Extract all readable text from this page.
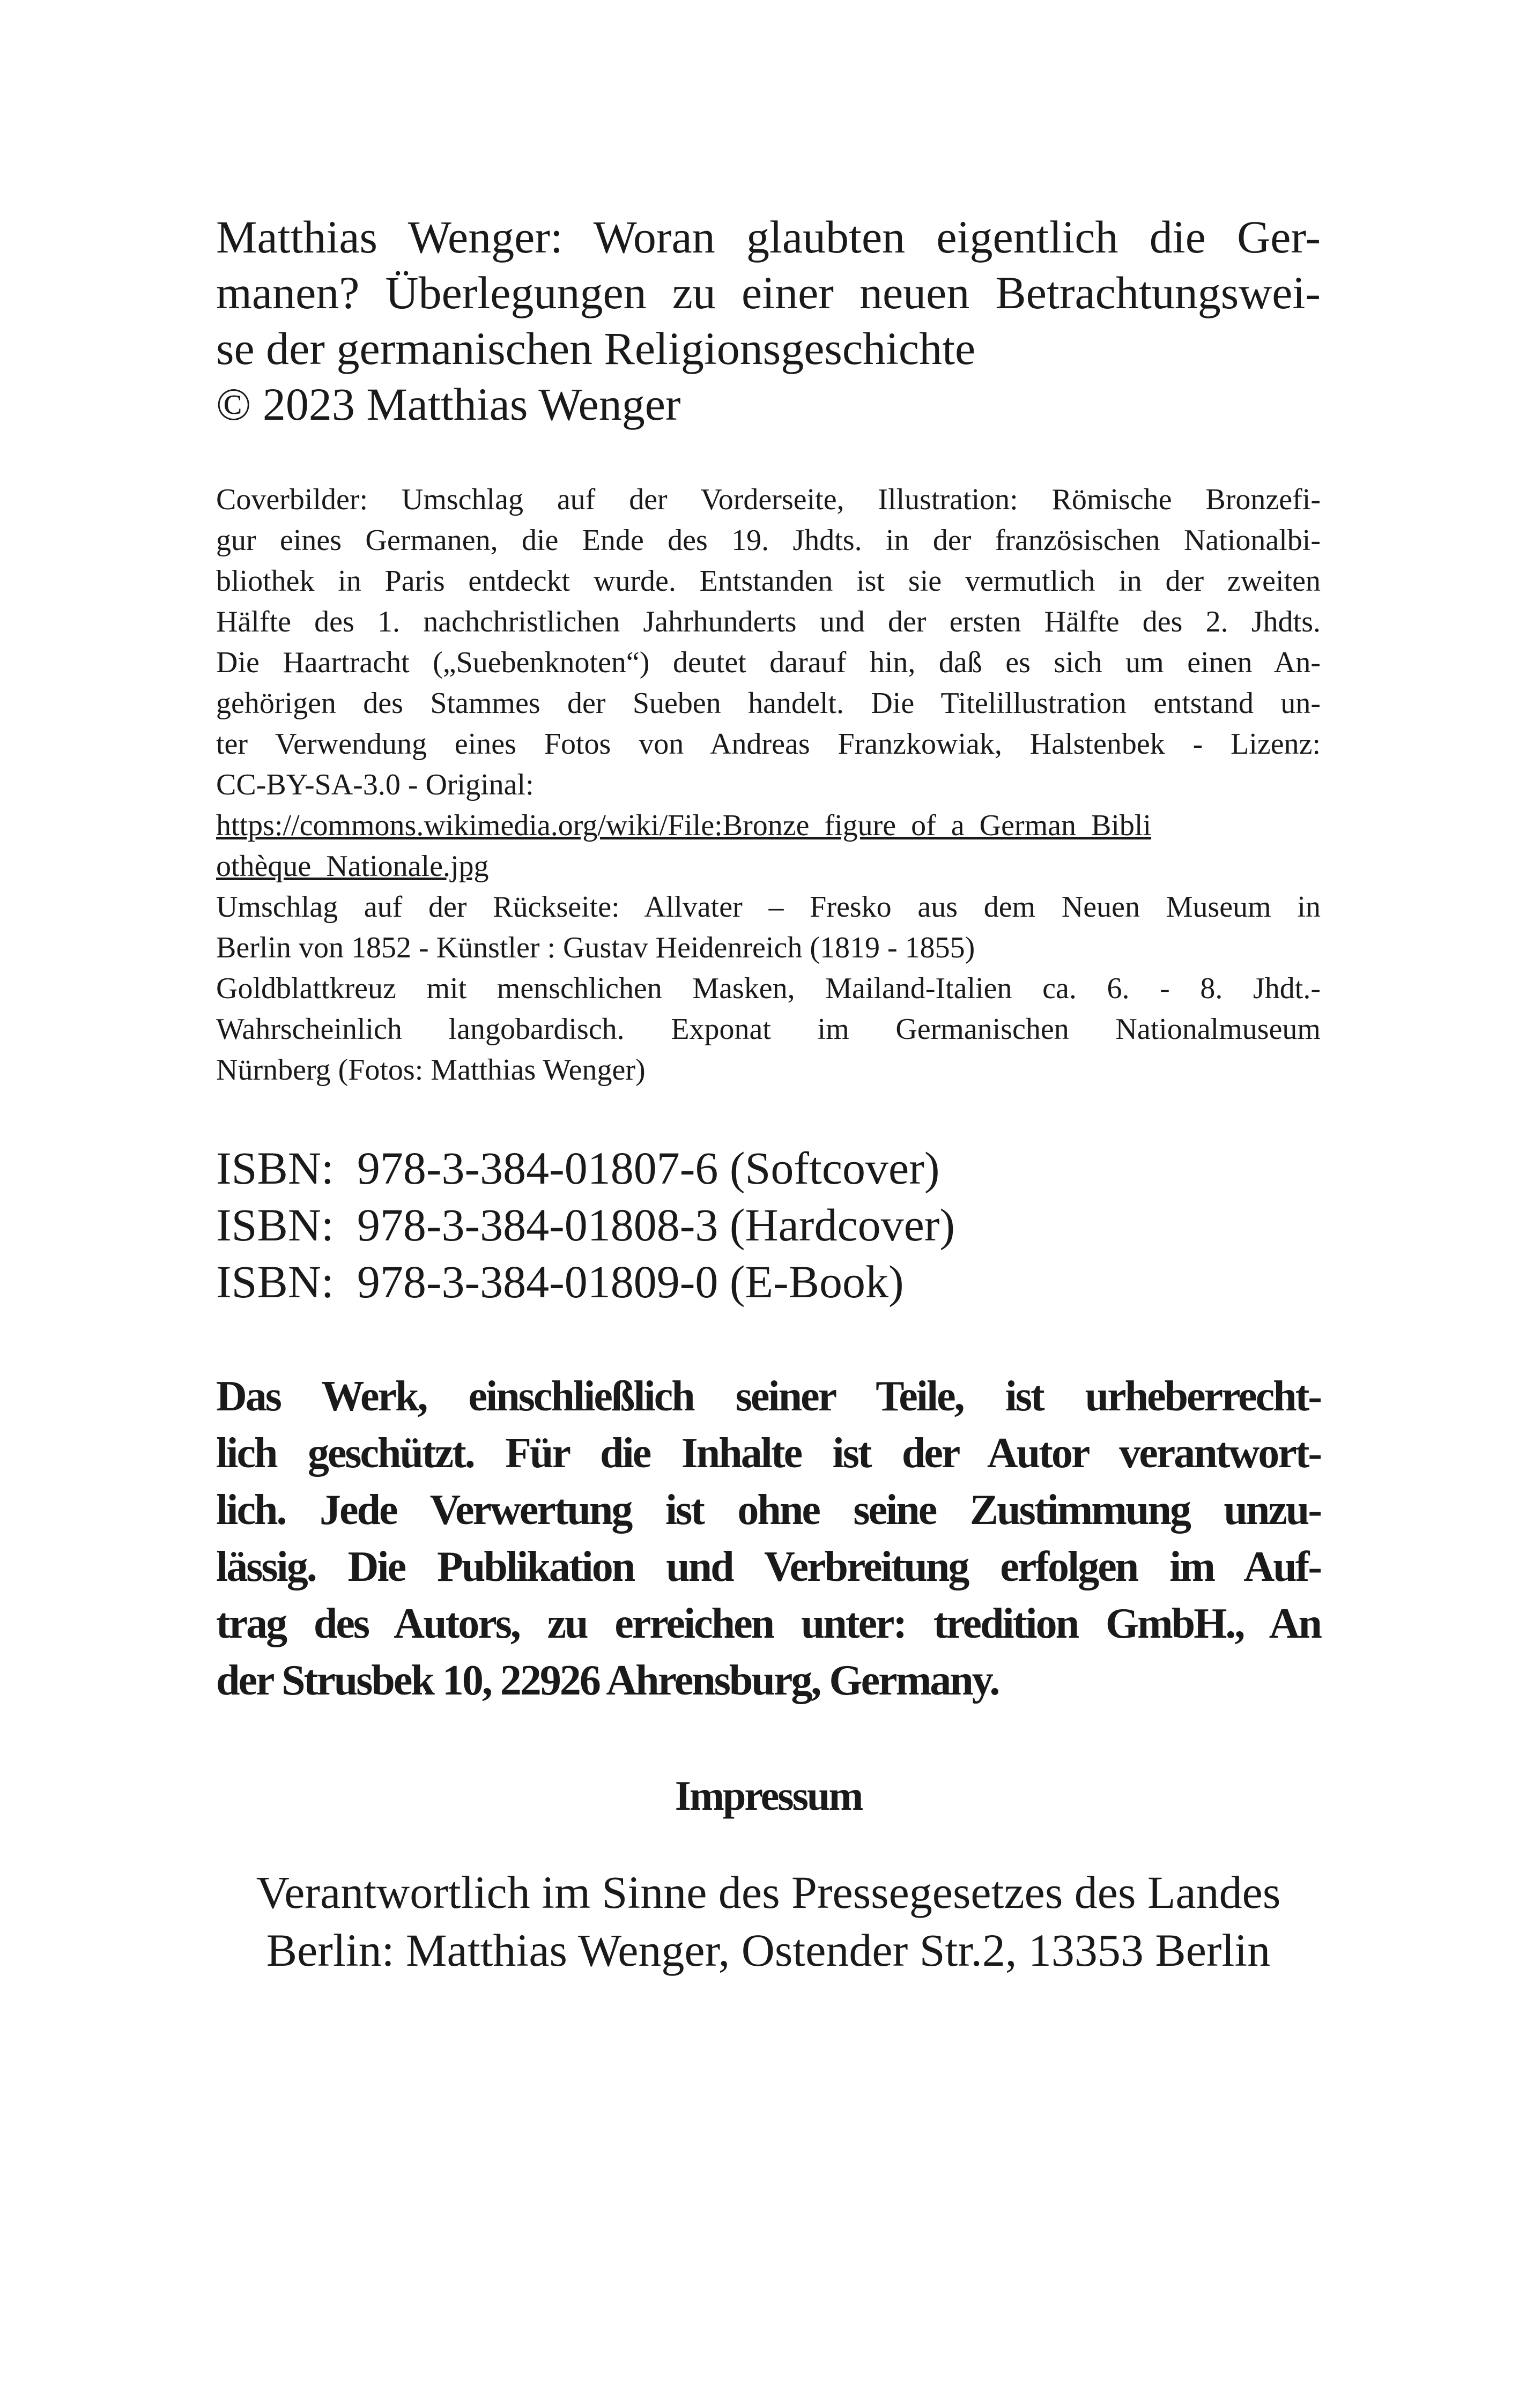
Matthias Wenger: Woran glaubten eigentlich die Ger-
manen? Überlegungen zu einer neuen Betrachtungswei-
se der germanischen Religionsgeschichte
© 2023 Matthias Wenger
Coverbilder: Umschlag auf der Vorderseite, Illustration: Römische Bronzefi-
gur eines Germanen, die Ende des 19. Jhdts. in der französischen Nationalbi-
bliothek in Paris entdeckt wurde. Entstanden ist sie vermutlich in der zweiten
Hälfte des 1. nachchristlichen Jahrhunderts und der ersten Hälfte des 2. Jhdts.
Die Haartracht („Suebenknoten“) deutet darauf hin, daß es sich um einen An-
gehörigen des Stammes der Sueben handelt. Die Titelillustration entstand un-
ter Verwendung eines Fotos von Andreas Franzkowiak, Halstenbek - Lizenz:
CC-BY-SA-3.0 - Original:
https://commons.wikimedia.org/wiki/File:Bronze_figure_of_a_German_Bibli
othèque_Nationale.jpg
Umschlag auf der Rückseite: Allvater – Fresko aus dem Neuen Museum in
Berlin von 1852 - Künstler : Gustav Heidenreich (1819 - 1855)
Goldblattkreuz mit menschlichen Masken, Mailand-Italien ca. 6. - 8. Jhdt.-
Wahrscheinlich langobardisch. Exponat im Germanischen Nationalmuseum
Nürnberg (Fotos: Matthias Wenger)
ISBN:  978-3-384-01807-6 (Softcover)
ISBN:  978-3-384-01808-3 (Hardcover)
ISBN:  978-3-384-01809-0 (E-Book)
Das Werk, einschließlich seiner Teile, ist urheberrecht-
lich geschützt. Für die Inhalte ist der Autor verantwort-
lich. Jede Verwertung ist ohne seine Zustimmung unzu-
lässig. Die Publikation und Verbreitung erfolgen im Auf-
trag des Autors, zu erreichen unter: tredition GmbH., An
der Strusbek 10, 22926 Ahrensburg, Germany.
Impressum
Verantwortlich im Sinne des Pressegesetzes des Landes
Berlin: Matthias Wenger, Ostender Str.2, 13353 Berlin
